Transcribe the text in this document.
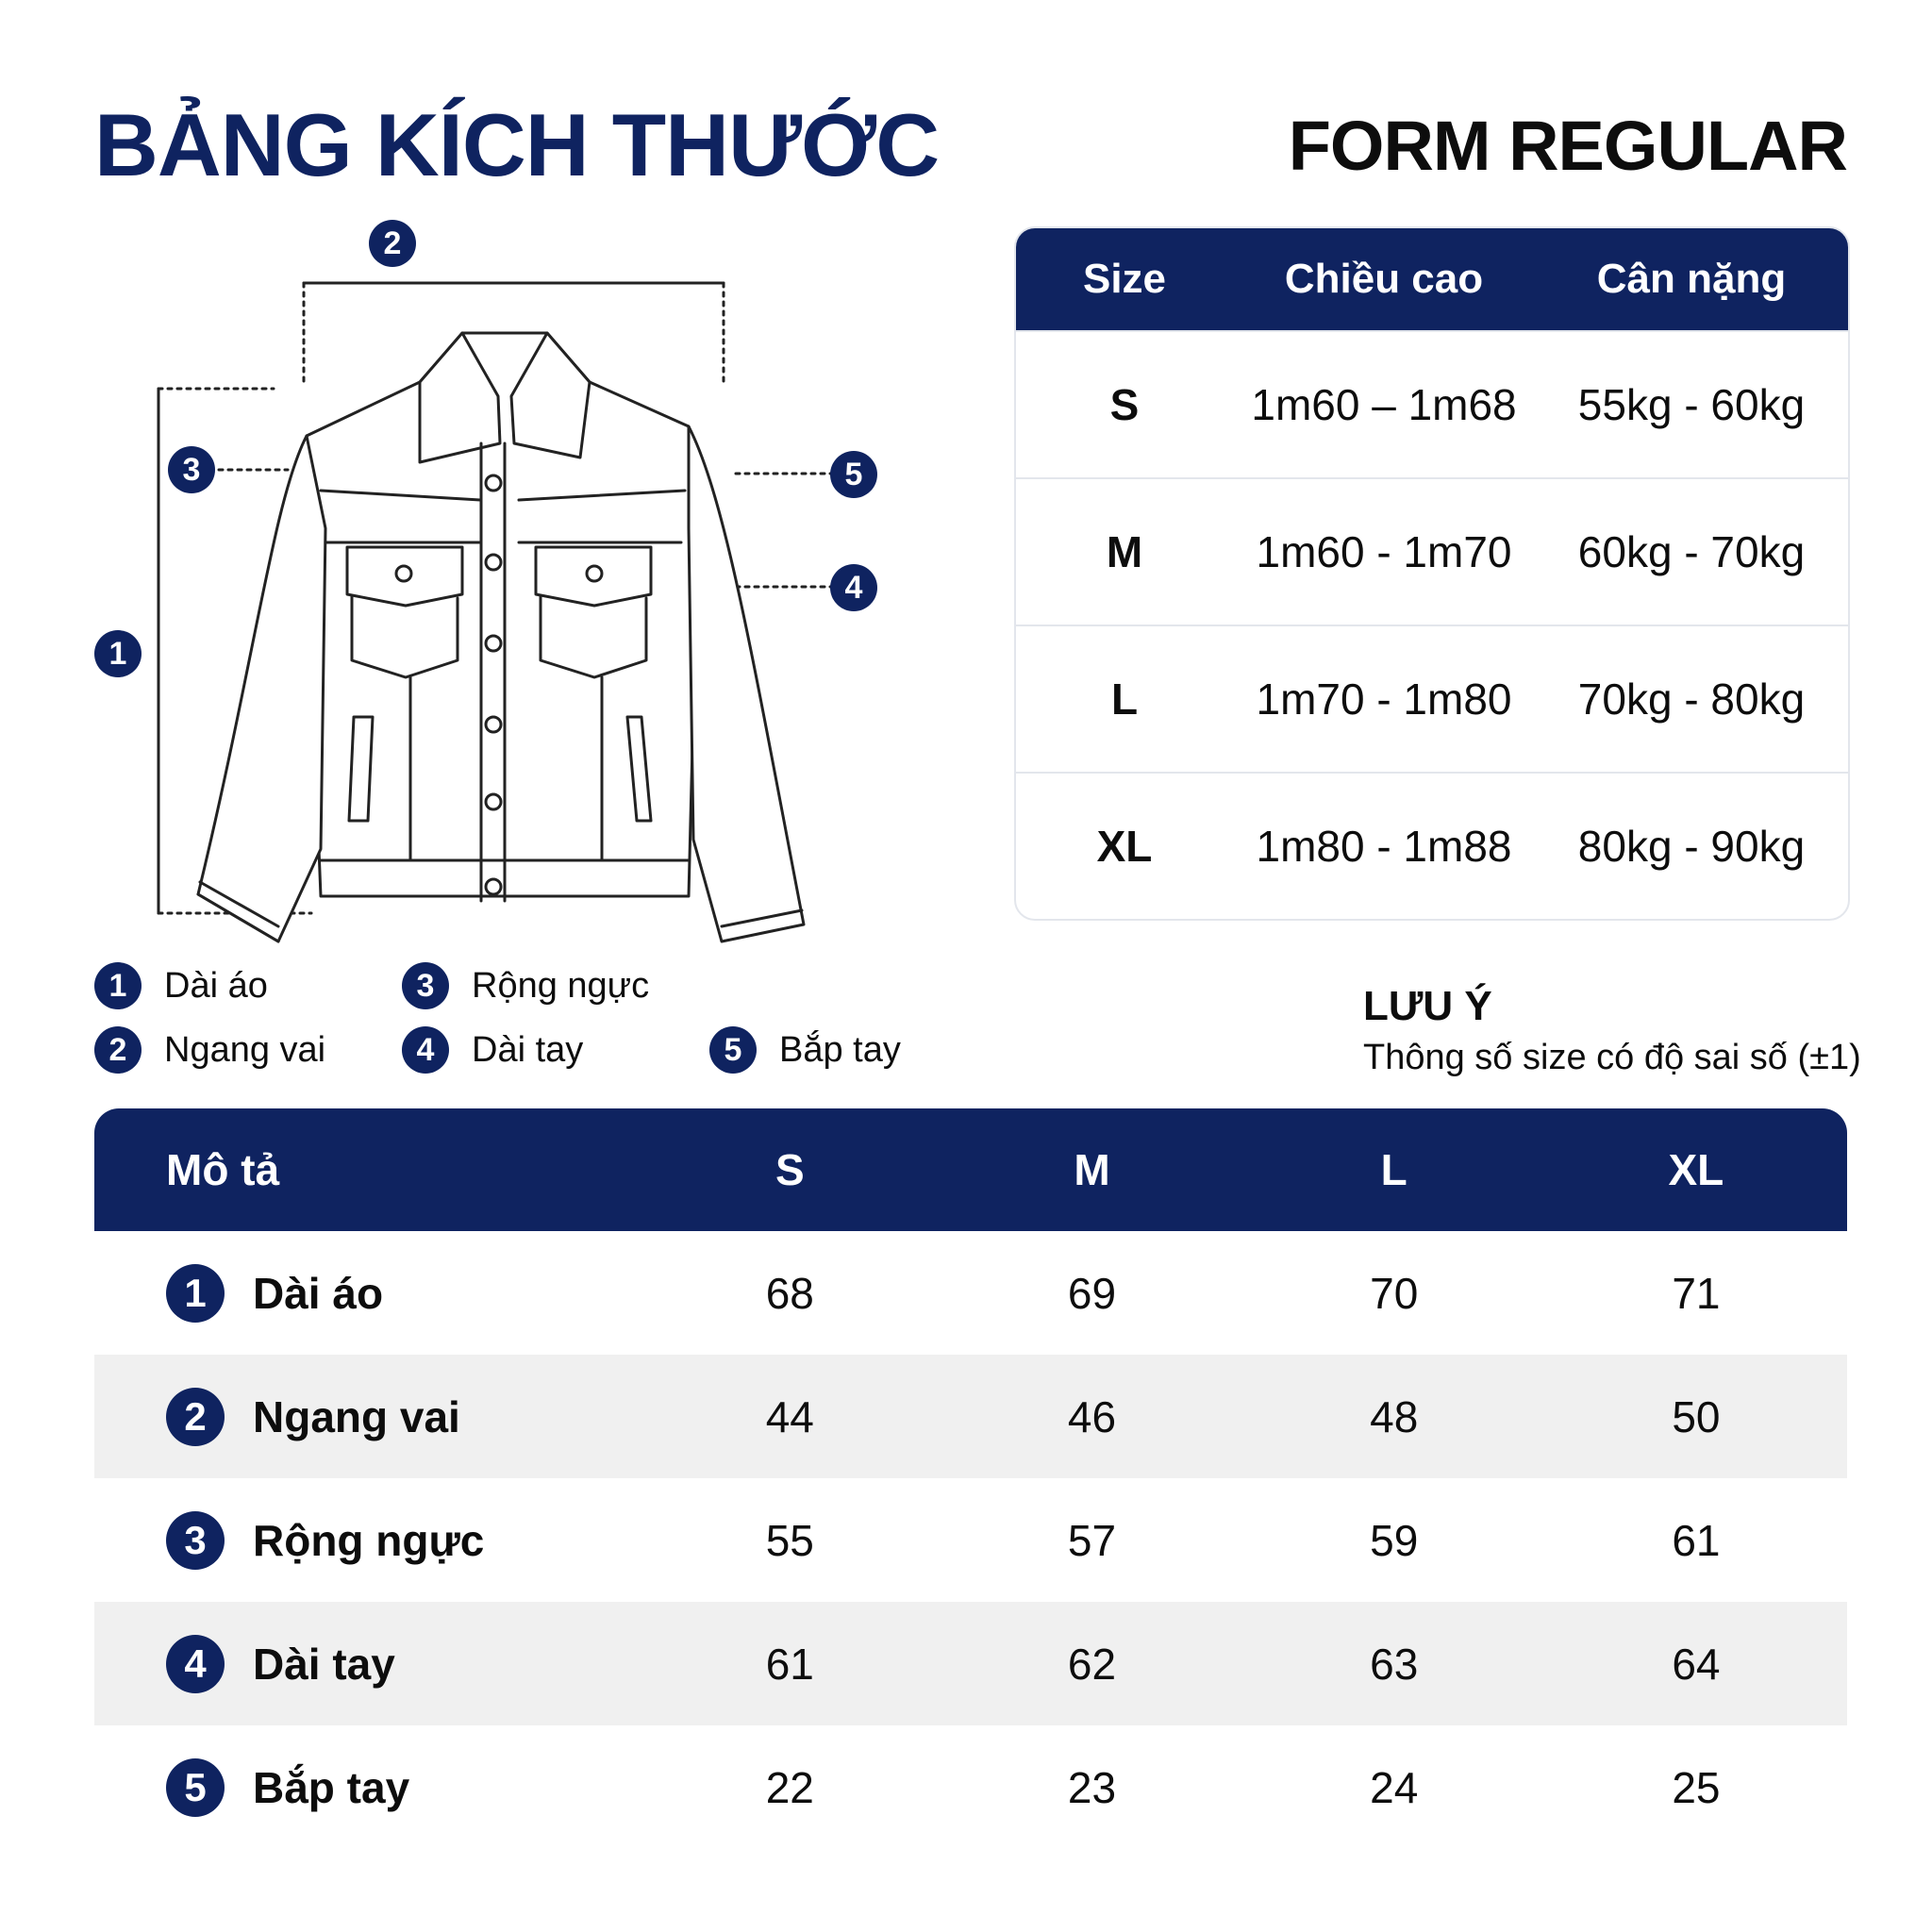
BẢNG KÍCH THƯỚC	FORM REGULAR
2
3	5
4
1
Size	Chiều cao	Cân nặng
S	1m60 – 1m68	55kg - 60kg
M	1m60 - 1m70	60kg - 70kg
L	1m70 - 1m80	70kg - 80kg
XL	1m80 - 1m88	80kg - 90kg
1	Dài áo
2	Ngang vai
3	Rộng ngực
4	Dài tay	5	Bắp tay

LƯU Ý

Thông số size có độ sai số (±1)

Mô tả	S	M	L	XL
1	Dài áo	68	69	70	71
2	Ngang vai	44	46	48	50
3	Rộng ngực	55	57	59	61
4	Dài tay	61	62	63	64
5	Bắp tay	22	23	24	25
